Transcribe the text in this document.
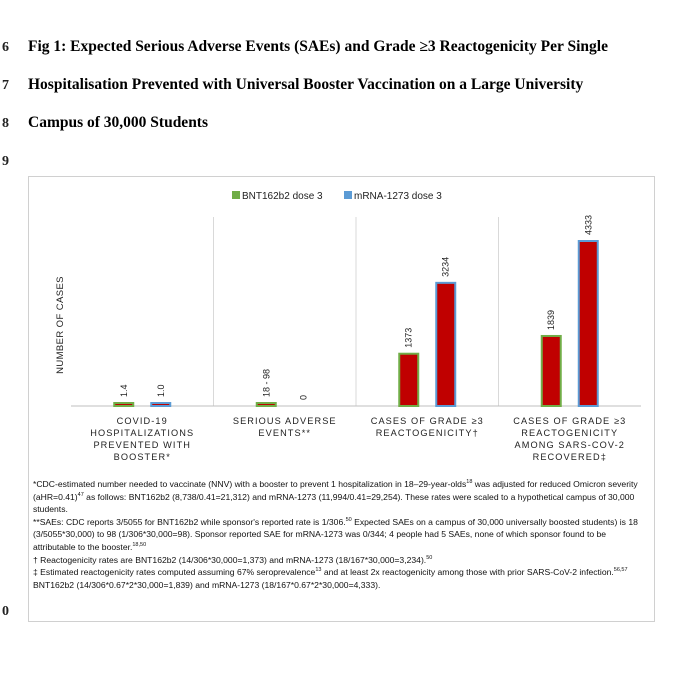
6
7
8
9
0
Fig 1: Expected Serious Adverse Events (SAEs) and Grade ≥3 Reactogenicity Per Single
Hospitalisation Prevented with Universal Booster Vaccination on a Large University
Campus of 30,000 Students
BNT162b2 dose 3	mRNA-1273 dose 3
NUMBER OF CASES
1.4	1.0
COVID-19
HOSPITALIZATIONS
PREVENTED WITH
BOOSTER*
18 - 98
0
SERIOUS ADVERSE
EVENTS**
1373
3234
CASES OF GRADE ≥3
REACTOGENICITY†
1839
4333
CASES OF GRADE ≥3
REACTOGENICITY
AMONG SARS-COV-2
RECOVERED‡

*CDC-estimated number needed to vaccinate (NNV) with a booster to prevent 1 hospitalization in 18–29-year-olds$^{18}$ was adjusted for reduced Omicron severity (aHR=0.41)$^{47}$ as follows: BNT162b2 (8,738/0.41=21,312) and mRNA-1273 (11,994/0.41=29,254). These rates were scaled to a hypothetical campus of 30,000 students.

**SAEs: CDC reports 3/5055 for BNT162b2 while sponsor's reported rate is 1/306.50 Expected SAEs on a campus of 30,000 universally boosted students) is 18 (3/5055*30,000) to 98 (1/306*30,000=98). Sponsor reported SAE for mRNA-1273 was 0/344; 4 people had 5 SAEs, none of which sponsor found to be attributable to the booster.$^{18,50}$

† Reactogenicity rates are BNT162b2 (14/306*30,000=1,373) and mRNA-1273 (18/167*30,000=3,234).$^{50}$

‡ Estimated reactogenicity rates computed assuming 67% seroprevalence$^{13}$ and at least 2x reactogenicity among those with prior SARS-CoV-2 infection.$^{56,57}$ BNT162b2 (14/306*0.67*2*30,000=1,839) and mRNA-1273 (18/167*0.67*2*30,000=4,333).
